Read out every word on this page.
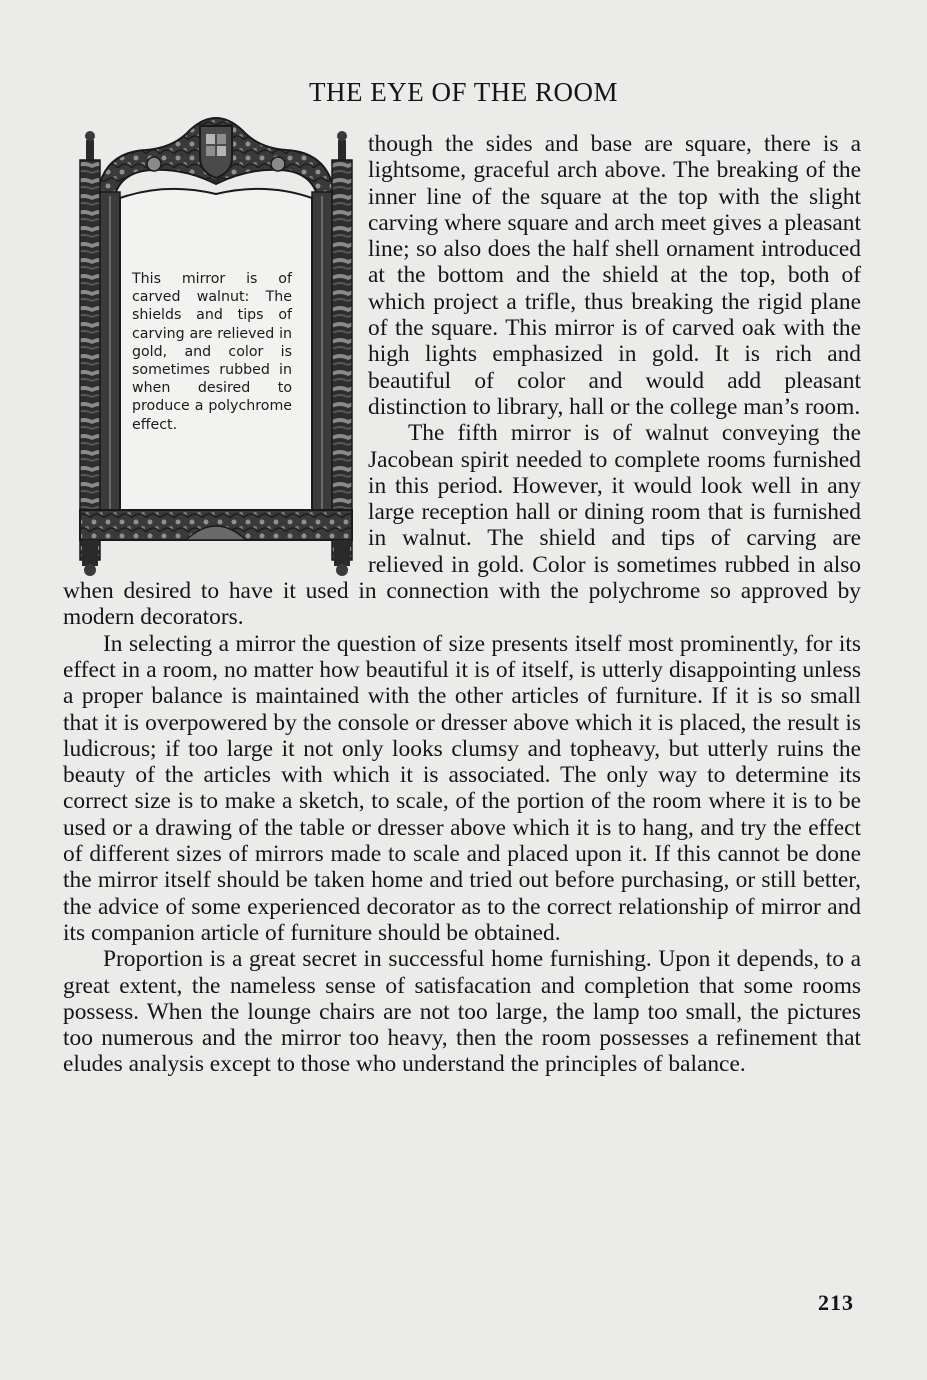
THE EYE OF THE ROOM

This mirror is of carved walnut: The shields and tips of carving are relieved in gold, and color is sometimes rubbed in when desired to produce a polychrome effect.

though the sides and base are square, there is a lightsome, graceful arch above. The breaking of the inner line of the square at the top with the slight carving where square and arch meet gives a pleasant line; so also does the half shell ornament introduced at the bottom and the shield at the top, both of which project a trifle, thus breaking the rigid plane of the square. This mirror is of carved oak with the high lights emphasized in gold. It is rich and beautiful of color and would add pleasant distinction to library, hall or the college man’s room.

The fifth mirror is of walnut conveying the Jacobean spirit needed to complete rooms furnished in this period. However, it would look well in any large reception hall or dining room that is furnished in walnut. The shield and tips of carving are relieved in gold. Color is sometimes rubbed in also when desired to have it used in connection with the polychrome so approved by modern decorators.

In selecting a mirror the question of size presents itself most prominently, for its effect in a room, no matter how beautiful it is of itself, is utterly disappointing unless a proper balance is maintained with the other articles of furniture. If it is so small that it is overpowered by the console or dresser above which it is placed, the result is ludicrous; if too large it not only looks clumsy and topheavy, but utterly ruins the beauty of the articles with which it is associated. The only way to determine its correct size is to make a sketch, to scale, of the portion of the room where it is to be used or a drawing of the table or dresser above which it is to hang, and try the effect of different sizes of mirrors made to scale and placed upon it. If this cannot be done the mirror itself should be taken home and tried out before purchasing, or still better, the advice of some experienced decorator as to the correct relationship of mirror and its companion article of furniture should be obtained.

Proportion is a great secret in successful home furnishing. Upon it depends, to a great extent, the nameless sense of satisfacation and completion that some rooms possess. When the lounge chairs are not too large, the lamp too small, the pictures too numerous and the mirror too heavy, then the room possesses a refinement that eludes analysis except to those who understand the principles of balance.

213
